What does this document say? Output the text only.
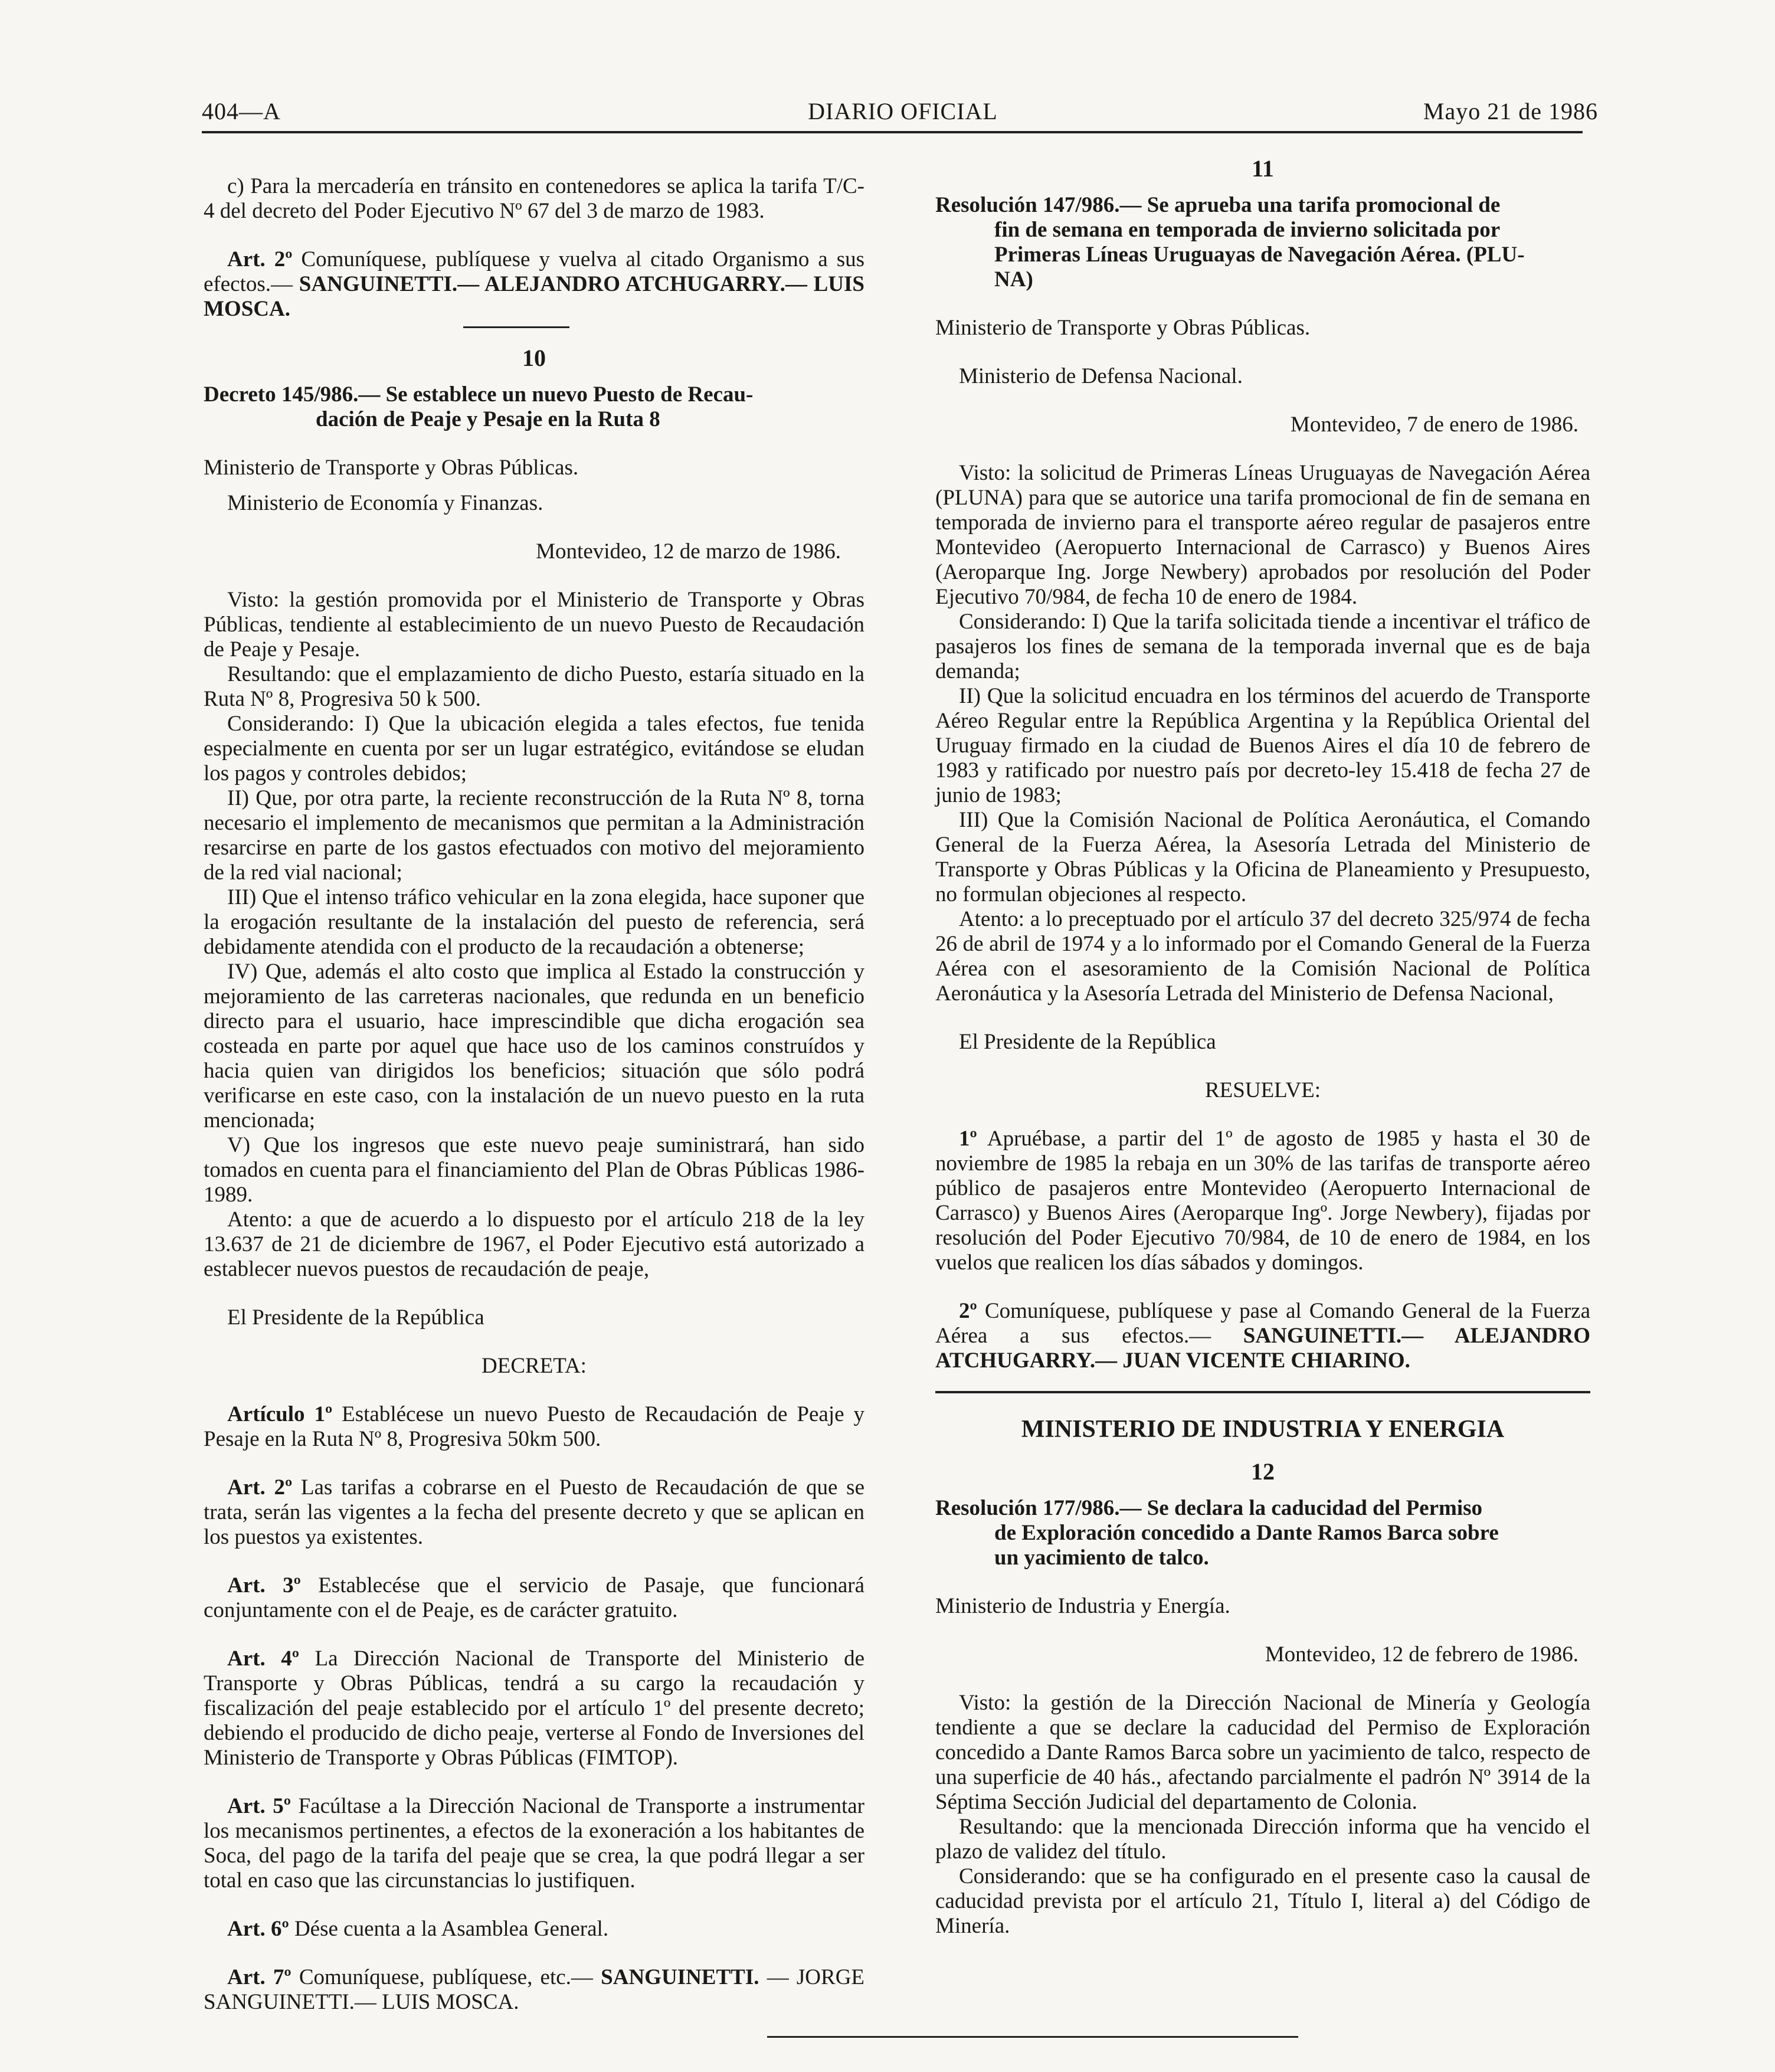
404—A	DIARIO OFICIAL	Mayo 21 de 1986

c) Para la mercadería en tránsito en contenedores se aplica la tarifa T/C-4 del decreto del Poder Ejecutivo Nº 67 del 3 de marzo de 1983.

Art. 2º Comuníquese, publíquese y vuelva al citado Organismo a sus efectos.— SANGUINETTI.— ALEJANDRO ATCHUGARRY.— LUIS MOSCA.

10

Decreto 145/986.— Se establece un nuevo Puesto de Recau-
dación de Peaje y Pesaje en la Ruta 8

Ministerio de Transporte y Obras Públicas.

Ministerio de Economía y Finanzas.

Montevideo, 12 de marzo de 1986.

Visto: la gestión promovida por el Ministerio de Transporte y Obras Públicas, tendiente al establecimiento de un nuevo Puesto de Recaudación de Peaje y Pesaje.

Resultando: que el emplazamiento de dicho Puesto, estaría situado en la Ruta Nº 8, Progresiva 50 k 500.

Considerando: I) Que la ubicación elegida a tales efectos, fue tenida especialmente en cuenta por ser un lugar estratégico, evitándose se eludan los pagos y controles debidos;

II) Que, por otra parte, la reciente reconstrucción de la Ruta Nº 8, torna necesario el implemento de mecanismos que permitan a la Administración resarcirse en parte de los gastos efectuados con motivo del mejoramiento de la red vial nacional;

III) Que el intenso tráfico vehicular en la zona elegida, hace suponer que la erogación resultante de la instalación del puesto de referencia, será debidamente atendida con el producto de la recaudación a obtenerse;

IV) Que, además el alto costo que implica al Estado la construcción y mejoramiento de las carreteras nacionales, que redunda en un beneficio directo para el usuario, hace imprescindible que dicha erogación sea costeada en parte por aquel que hace uso de los caminos construídos y hacia quien van dirigidos los beneficios; situación que sólo podrá verificarse en este caso, con la instalación de un nuevo puesto en la ruta mencionada;

V) Que los ingresos que este nuevo peaje suministrará, han sido tomados en cuenta para el financiamiento del Plan de Obras Públicas 1986-1989.

Atento: a que de acuerdo a lo dispuesto por el artículo 218 de la ley 13.637 de 21 de diciembre de 1967, el Poder Ejecutivo está autorizado a establecer nuevos puestos de recaudación de peaje,

El Presidente de la República

DECRETA:

Artículo 1º Establécese un nuevo Puesto de Recaudación de Peaje y Pesaje en la Ruta Nº 8, Progresiva 50km 500.

Art. 2º Las tarifas a cobrarse en el Puesto de Recaudación de que se trata, serán las vigentes a la fecha del presente decreto y que se aplican en los puestos ya existentes.

Art. 3º Establecése que el servicio de Pasaje, que funcionará conjuntamente con el de Peaje, es de carácter gratuito.

Art. 4º La Dirección Nacional de Transporte del Ministerio de Transporte y Obras Públicas, tendrá a su cargo la recaudación y fiscalización del peaje establecido por el artículo 1º del presente decreto; debiendo el producido de dicho peaje, verterse al Fondo de Inversiones del Ministerio de Transporte y Obras Públicas (FIMTOP).

Art. 5º Facúltase a la Dirección Nacional de Transporte a instrumentar los mecanismos pertinentes, a efectos de la exoneración a los habitantes de Soca, del pago de la tarifa del peaje que se crea, la que podrá llegar a ser total en caso que las circunstancias lo justifiquen.

Art. 6º Dése cuenta a la Asamblea General.

Art. 7º Comuníquese, publíquese, etc.— SANGUINETTI. — JORGE SANGUINETTI.— LUIS MOSCA.

11

Resolución 147/986.— Se aprueba una tarifa promocional de
fin de semana en temporada de invierno solicitada por
Primeras Líneas Uruguayas de Navegación Aérea. (PLU-
NA)

Ministerio de Transporte y Obras Públicas.

Ministerio de Defensa Nacional.

Montevideo, 7 de enero de 1986.

Visto: la solicitud de Primeras Líneas Uruguayas de Navegación Aérea (PLUNA) para que se autorice una tarifa promocional de fin de semana en temporada de invierno para el transporte aéreo regular de pasajeros entre Montevideo (Aeropuerto Internacional de Carrasco) y Buenos Aires (Aeroparque Ing. Jorge Newbery) aprobados por resolución del Poder Ejecutivo 70/984, de fecha 10 de enero de 1984.

Considerando: I) Que la tarifa solicitada tiende a incentivar el tráfico de pasajeros los fines de semana de la temporada invernal que es de baja demanda;

II) Que la solicitud encuadra en los términos del acuerdo de Transporte Aéreo Regular entre la República Argentina y la República Oriental del Uruguay firmado en la ciudad de Buenos Aires el día 10 de febrero de 1983 y ratificado por nuestro país por decreto-ley 15.418 de fecha 27 de junio de 1983;

III) Que la Comisión Nacional de Política Aeronáutica, el Comando General de la Fuerza Aérea, la Asesoría Letrada del Ministerio de Transporte y Obras Públicas y la Oficina de Planeamiento y Presupuesto, no formulan objeciones al respecto.

Atento: a lo preceptuado por el artículo 37 del decreto 325/974 de fecha 26 de abril de 1974 y a lo informado por el Comando General de la Fuerza Aérea con el asesoramiento de la Comisión Nacional de Política Aeronáutica y la Asesoría Letrada del Ministerio de Defensa Nacional,

El Presidente de la República

RESUELVE:

1º Apruébase, a partir del 1º de agosto de 1985 y hasta el 30 de noviembre de 1985 la rebaja en un 30% de las tarifas de transporte aéreo público de pasajeros entre Montevideo (Aeropuerto Internacional de Carrasco) y Buenos Aires (Aeroparque Ingº. Jorge Newbery), fijadas por resolución del Poder Ejecutivo 70/984, de 10 de enero de 1984, en los vuelos que realicen los días sábados y domingos.

2º Comuníquese, publíquese y pase al Comando General de la Fuerza Aérea a sus efectos.— SANGUINETTI.— ALEJANDRO ATCHUGARRY.— JUAN VICENTE CHIARINO.

MINISTERIO DE INDUSTRIA Y ENERGIA

12

Resolución 177/986.— Se declara la caducidad del Permiso
de Exploración concedido a Dante Ramos Barca sobre
un yacimiento de talco.

Ministerio de Industria y Energía.

Montevideo, 12 de febrero de 1986.

Visto: la gestión de la Dirección Nacional de Minería y Geología tendiente a que se declare la caducidad del Permiso de Exploración concedido a Dante Ramos Barca sobre un yacimiento de talco, respecto de una superficie de 40 hás., afectando parcialmente el padrón Nº 3914 de la Séptima Sección Judicial del departamento de Colonia.

Resultando: que la mencionada Dirección informa que ha vencido el plazo de validez del título.

Considerando: que se ha configurado en el presente caso la causal de caducidad prevista por el artículo 21, Título I, literal a) del Código de Minería.
